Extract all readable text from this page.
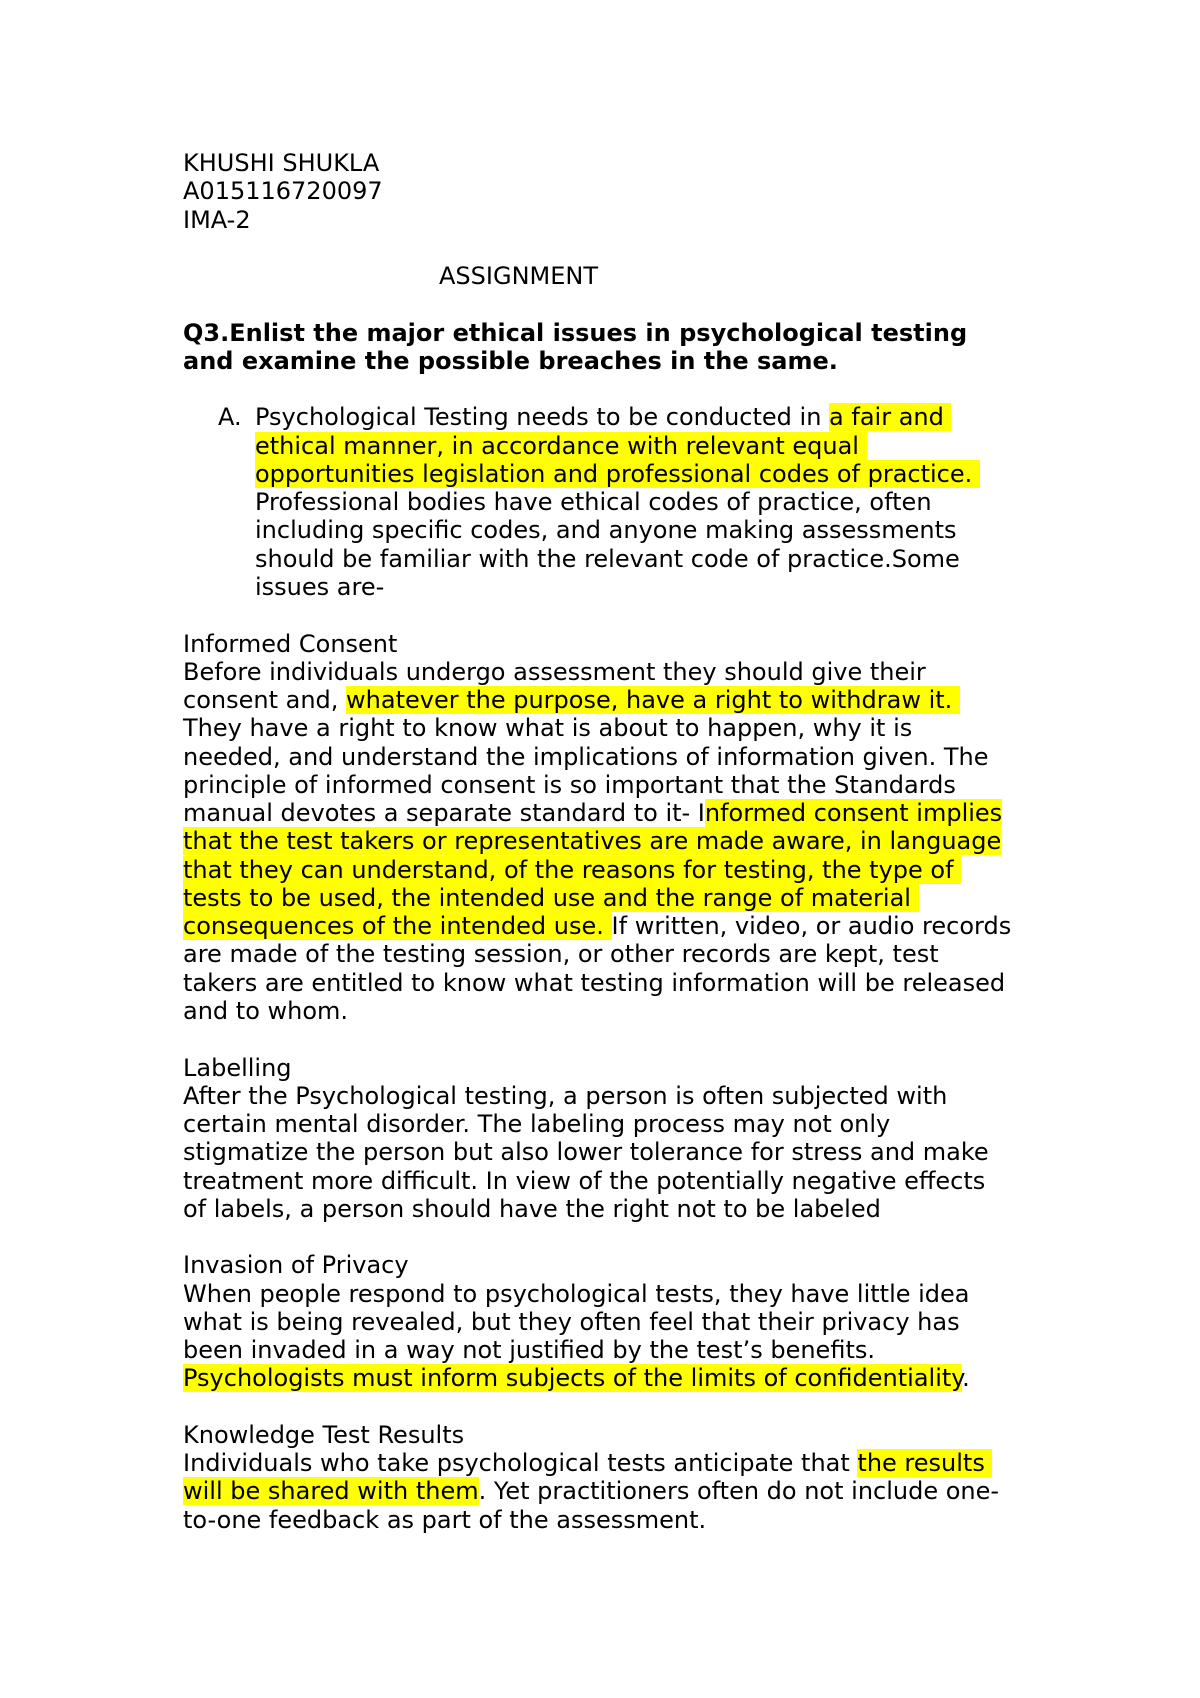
KHUSHI SHUKLA
A015116720097
IMA-2
ASSIGNMENT
Q3.Enlist the major ethical issues in psychological testing
and examine the possible breaches in the same.
A. Psychological Testing needs to be conducted in a fair and
ethical manner, in accordance with relevant equal
opportunities legislation and professional codes of practice.
Professional bodies have ethical codes of practice, often
including specific codes, and anyone making assessments
should be familiar with the relevant code of practice.Some
issues are-
Informed Consent
Before individuals undergo assessment they should give their
consent and, whatever the purpose, have a right to withdraw it.
They have a right to know what is about to happen, why it is
needed, and understand the implications of information given. The
principle of informed consent is so important that the Standards
manual devotes a separate standard to it- Informed consent implies
that the test takers or representatives are made aware, in language
that they can understand, of the reasons for testing, the type of
tests to be used, the intended use and the range of material
consequences of the intended use. If written, video, or audio records
are made of the testing session, or other records are kept, test
takers are entitled to know what testing information will be released
and to whom.
Labelling
After the Psychological testing, a person is often subjected with
certain mental disorder. The labeling process may not only
stigmatize the person but also lower tolerance for stress and make
treatment more difficult. In view of the potentially negative effects
of labels, a person should have the right not to be labeled
Invasion of Privacy
When people respond to psychological tests, they have little idea
what is being revealed, but they often feel that their privacy has
been invaded in a way not justified by the test’s benefits.
Psychologists must inform subjects of the limits of confidentiality.
Knowledge Test Results
Individuals who take psychological tests anticipate that the results
will be shared with them. Yet practitioners often do not include one-
to-one feedback as part of the assessment.
